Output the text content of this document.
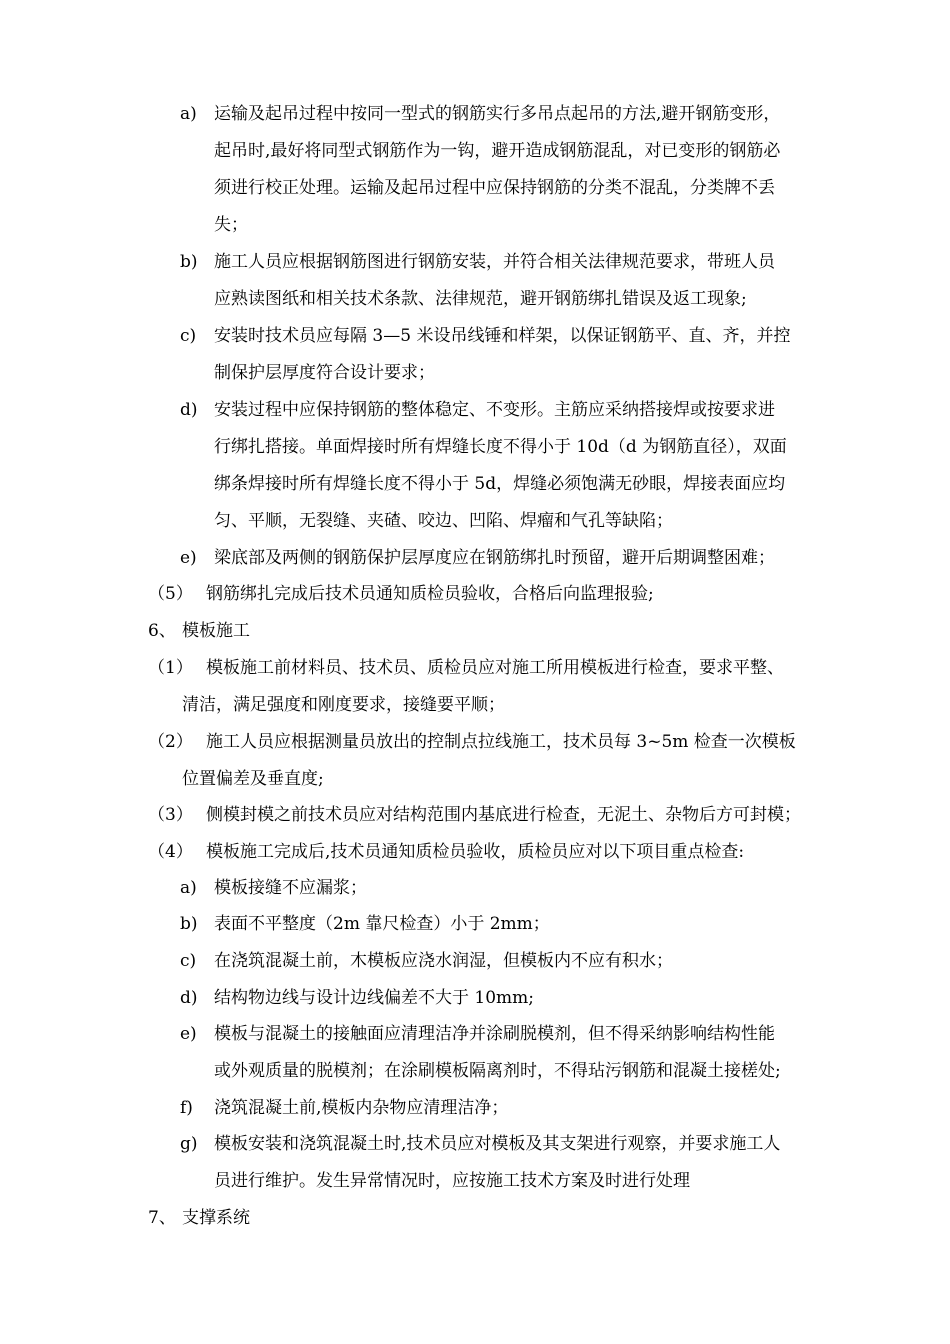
a) 运输及起吊过程中按同一型式的钢筋实行多吊点起吊的方法,避开钢筋变形，
起吊时,最好将同型式钢筋作为一钩，避开造成钢筋混乱，对已变形的钢筋必
须进行校正处理。运输及起吊过程中应保持钢筋的分类不混乱，分类牌不丢
失；
b) 施工人员应根据钢筋图进行钢筋安装，并符合相关法律规范要求，带班人员
应熟读图纸和相关技术条款、法律规范，避开钢筋绑扎错误及返工现象;
c) 安装时技术员应每隔 3—5 米设吊线锤和样架，以保证钢筋平、直、齐，并控
制保护层厚度符合设计要求；
d) 安装过程中应保持钢筋的整体稳定、不变形。主筋应采纳搭接焊或按要求进
行绑扎搭接。单面焊接时所有焊缝长度不得小于 10d（d 为钢筋直径），双面
绑条焊接时所有焊缝长度不得小于 5d，焊缝必须饱满无砂眼，焊接表面应均
匀、平顺，无裂缝、夹碴、咬边、凹陷、焊瘤和气孔等缺陷；
e) 梁底部及两侧的钢筋保护层厚度应在钢筋绑扎时预留，避开后期调整困难；
（5） 钢筋绑扎完成后技术员通知质检员验收，合格后向监理报验;
6、 模板施工
（1） 模板施工前材料员、技术员、质检员应对施工所用模板进行检查，要求平整、
清洁，满足强度和刚度要求，接缝要平顺；
（2） 施工人员应根据测量员放出的控制点拉线施工，技术员每 3~5m 检查一次模板
位置偏差及垂直度;
（3） 侧模封模之前技术员应对结构范围内基底进行检查，无泥土、杂物后方可封模；
（4） 模板施工完成后,技术员通知质检员验收，质检员应对以下项目重点检查:
a) 模板接缝不应漏浆；
b) 表面不平整度（2m 靠尺检查）小于 2mm；
c) 在浇筑混凝土前，木模板应浇水润湿，但模板内不应有积水；
d) 结构物边线与设计边线偏差不大于 10mm;
e) 模板与混凝土的接触面应清理洁净并涂刷脱模剂，但不得采纳影响结构性能
或外观质量的脱模剂；在涂刷模板隔离剂时，不得玷污钢筋和混凝土接槎处;
f) 浇筑混凝土前,模板内杂物应清理洁净；
g) 模板安装和浇筑混凝土时,技术员应对模板及其支架进行观察，并要求施工人
员进行维护。发生异常情况时，应按施工技术方案及时进行处理
7、 支撑系统
